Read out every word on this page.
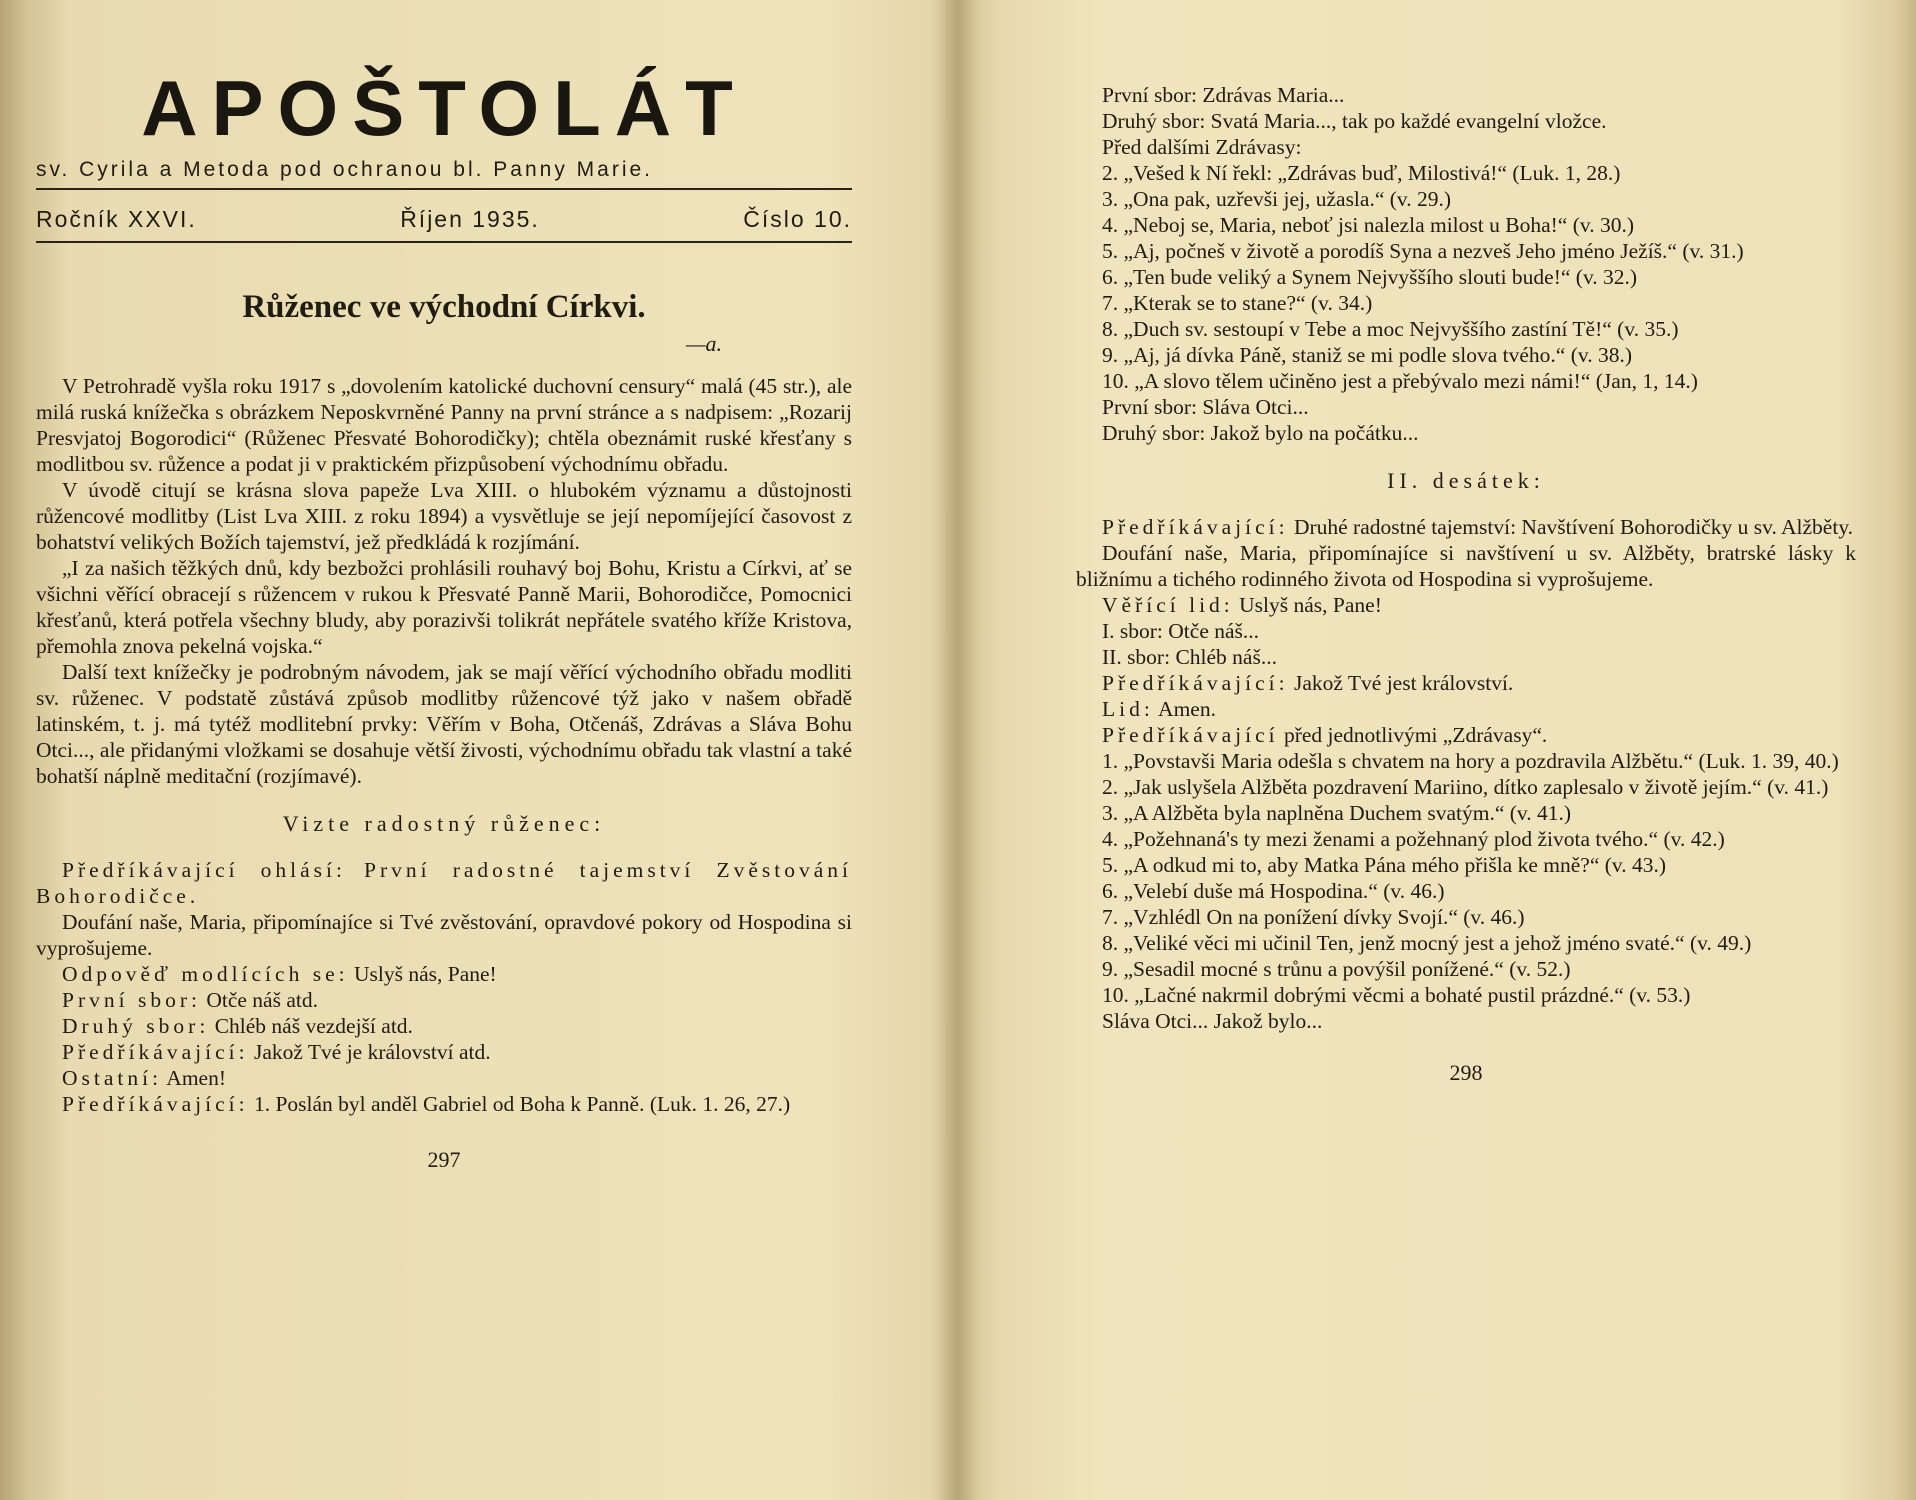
APOŠTOLÁT
sv. Cyrila a Metoda pod ochranou bl. Panny Marie.
Ročník XXVI.	Říjen 1935.	Číslo 10.
Růženec ve východní Církvi.
—a.

V Petrohradě vyšla roku 1917 s „dovolením katolické duchovní censury“ malá (45 str.), ale milá ruská knížečka s obrázkem Neposkvrněné Panny na první stránce a s nadpisem: „Rozarij Presvjatoj Bogorodici“ (Růženec Přesvaté Bohorodičky); chtěla obeznámit ruské křesťany s modlitbou sv. růžence a podat ji v praktickém přizpůsobení východnímu obřadu.

V úvodě citují se krásna slova papeže Lva XIII. o hlubokém významu a důstojnosti růžencové modlitby (List Lva XIII. z roku 1894) a vysvětluje se její nepomíjející časovost z bohatství velikých Božích tajemství, jež předkládá k rozjímání.

„I za našich těžkých dnů, kdy bezbožci prohlásili rouhavý boj Bohu, Kristu a Církvi, ať se všichni věřící obracejí s růžencem v rukou k Přesvaté Panně Marii, Bohorodičce, Pomocnici křesťanů, která potřela všechny bludy, aby porazivši tolikrát nepřátele svatého kříže Kristova, přemohla znova pekelná vojska.“

Další text knížečky je podrobným návodem, jak se mají věřící východního obřadu modliti sv. růženec. V podstatě zůstává způsob modlitby růžencové týž jako v našem obřadě latinském, t. j. má tytéž modlitební prvky: Věřím v Boha, Otčenáš, Zdrávas a Sláva Bohu Otci..., ale přidanými vložkami se dosahuje větší živosti, východnímu obřadu tak vlastní a také bohatší náplně meditační (rozjímavé).

Vizte radostný růženec:

Předříkávající ohlásí: První radostné tajemství Zvěstování Bohorodičce.

Doufání naše, Maria, připomínajíce si Tvé zvěstování, opravdové pokory od Hospodina si vyprošujeme.

Odpověď modlících se: Uslyš nás, Pane!
První sbor: Otče náš atd.
Druhý sbor: Chléb náš vezdejší atd.
Předříkávající: Jakož Tvé je království atd.
Ostatní: Amen!

Předříkávající: 1. Poslán byl anděl Gabriel od Boha k Panně. (Luk. 1. 26, 27.)

297
První sbor: Zdrávas Maria...
Druhý sbor: Svatá Maria..., tak po každé evangelní vložce.
Před dalšími Zdrávasy:

2. „Vešed k Ní řekl: „Zdrávas buď, Milostivá!“ (Luk. 1, 28.)

3. „Ona pak, uzřevši jej, užasla.“ (v. 29.)

4. „Neboj se, Maria, neboť jsi nalezla milost u Boha!“ (v. 30.)

5. „Aj, počneš v životě a porodíš Syna a nezveš Jeho jméno Ježíš.“ (v. 31.)

6. „Ten bude veliký a Synem Nejvyššího slouti bude!“ (v. 32.)

7. „Kterak se to stane?“ (v. 34.)

8. „Duch sv. sestoupí v Tebe a moc Nejvyššího zastíní Tě!“ (v. 35.)

9. „Aj, já dívka Páně, staniž se mi podle slova tvého.“ (v. 38.)

10. „A slovo tělem učiněno jest a přebývalo mezi námi!“ (Jan, 1, 14.)

První sbor: Sláva Otci...
Druhý sbor: Jakož bylo na počátku...
II. desátek:

Předříkávající: Druhé radostné tajemství: Navštívení Bohorodičky u sv. Alžběty.

Doufání naše, Maria, připomínajíce si navštívení u sv. Alžběty, bratrské lásky k bližnímu a tichého rodinného života od Hospodina si vyprošujeme.

Věřící lid: Uslyš nás, Pane!
I. sbor: Otče náš...
II. sbor: Chléb náš...
Předříkávající: Jakož Tvé jest království.
Lid: Amen.
Předříkávající před jednotlivými „Zdrávasy“.

1. „Povstavši Maria odešla s chvatem na hory a pozdravila Alžbětu.“ (Luk. 1. 39, 40.)

2. „Jak uslyšela Alžběta pozdravení Mariino, dítko zaplesalo v životě jejím.“ (v. 41.)

3. „A Alžběta byla naplněna Duchem svatým.“ (v. 41.)

4. „Požehnaná's ty mezi ženami a požehnaný plod života tvého.“ (v. 42.)

5. „A odkud mi to, aby Matka Pána mého přišla ke mně?“ (v. 43.)

6. „Velebí duše má Hospodina.“ (v. 46.)

7. „Vzhlédl On na ponížení dívky Svojí.“ (v. 46.)

8. „Veliké věci mi učinil Ten, jenž mocný jest a jehož jméno svaté.“ (v. 49.)

9. „Sesadil mocné s trůnu a povýšil ponížené.“ (v. 52.)

10. „Lačné nakrmil dobrými věcmi a bohaté pustil prázdné.“ (v. 53.)

Sláva Otci... Jakož bylo...
298
